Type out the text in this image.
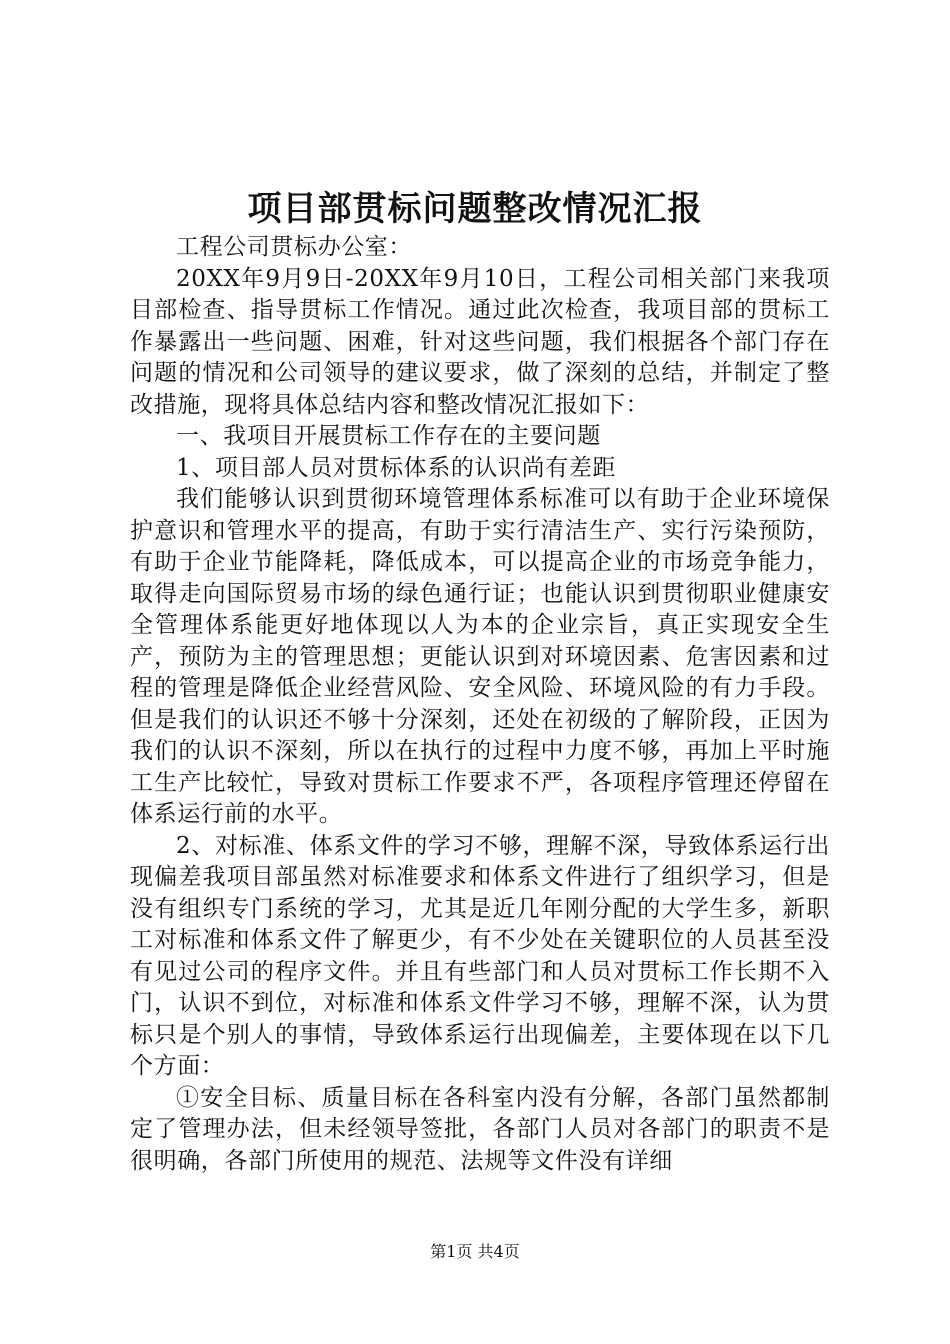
项目部贯标问题整改情况汇报

工程公司贯标办公室：

20XX年9月9日-20XX年9月10日，工程公司相关部门来我项目部检查、指导贯标工作情况。通过此次检查，我项目部的贯标工作暴露出一些问题、困难，针对这些问题，我们根据各个部门存在问题的情况和公司领导的建议要求，做了深刻的总结，并制定了整改措施，现将具体总结内容和整改情况汇报如下：

一、我项目开展贯标工作存在的主要问题

1、项目部人员对贯标体系的认识尚有差距

我们能够认识到贯彻环境管理体系标准可以有助于企业环境保护意识和管理水平的提高，有助于实行清洁生产、实行污染预防，有助于企业节能降耗，降低成本，可以提高企业的市场竞争能力，取得走向国际贸易市场的绿色通行证；也能认识到贯彻职业健康安全管理体系能更好地体现以人为本的企业宗旨，真正实现安全生产，预防为主的管理思想；更能认识到对环境因素、危害因素和过程的管理是降低企业经营风险、安全风险、环境风险的有力手段。但是我们的认识还不够十分深刻，还处在初级的了解阶段，正因为我们的认识不深刻，所以在执行的过程中力度不够，再加上平时施工生产比较忙，导致对贯标工作要求不严，各项程序管理还停留在体系运行前的水平。

2、对标准、体系文件的学习不够，理解不深，导致体系运行出现偏差我项目部虽然对标准要求和体系文件进行了组织学习，但是没有组织专门系统的学习，尤其是近几年刚分配的大学生多，新职工对标准和体系文件了解更少，有不少处在关键职位的人员甚至没有见过公司的程序文件。并且有些部门和人员对贯标工作长期不入门，认识不到位，对标准和体系文件学习不够，理解不深，认为贯标只是个别人的事情，导致体系运行出现偏差，主要体现在以下几个方面：

①安全目标、质量目标在各科室内没有分解，各部门虽然都制定了管理办法，但未经领导签批，各部门人员对各部门的职责不是很明确，各部门所使用的规范、法规等文件没有详细

第1页 共4页
